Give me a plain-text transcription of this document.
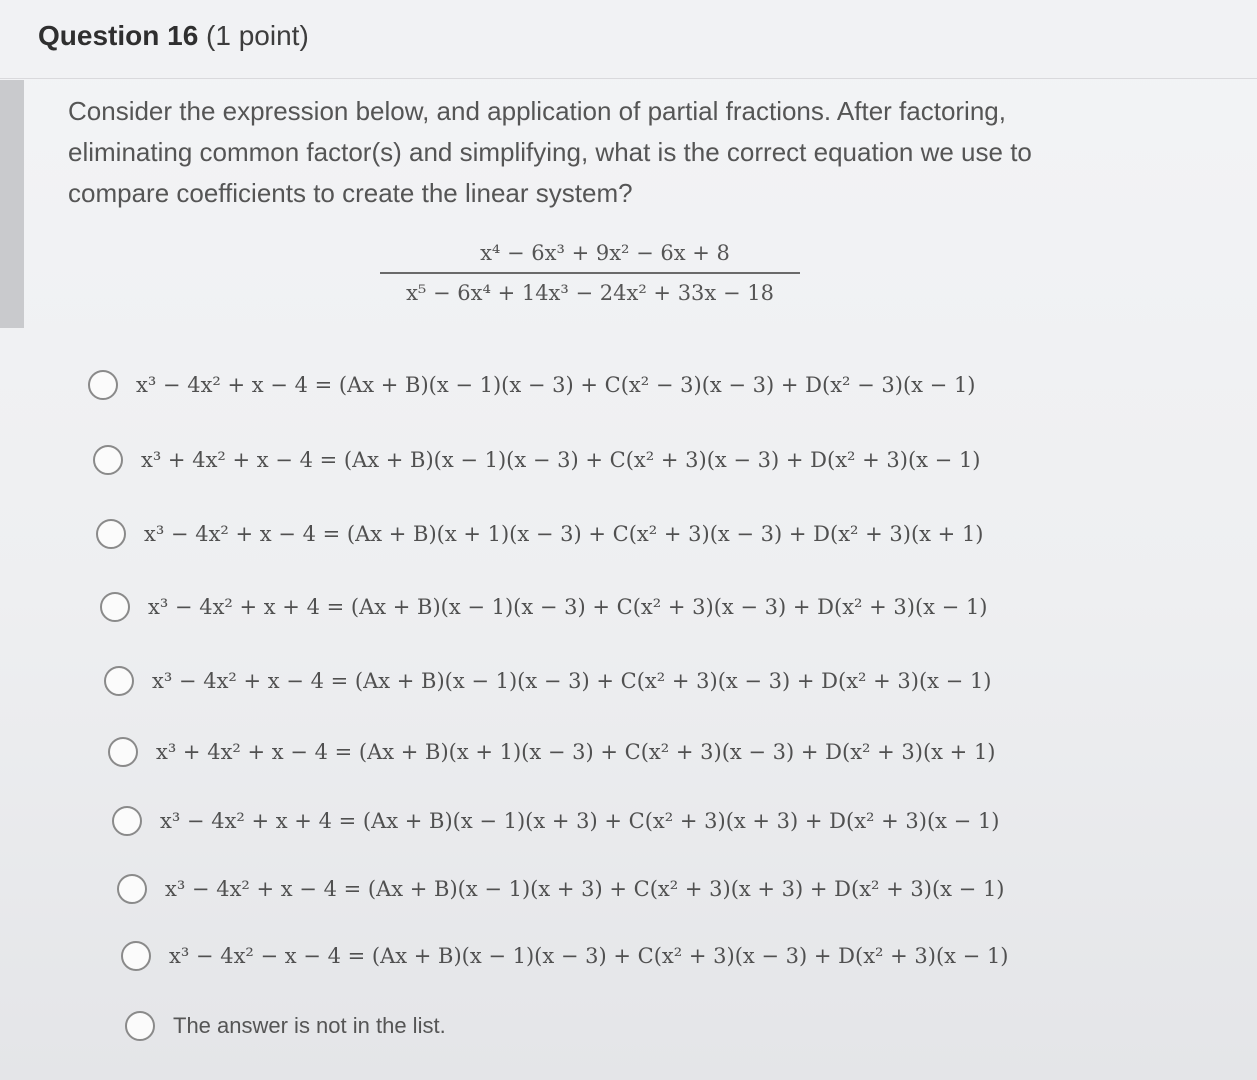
Question 16 (1 point)
Consider the expression below, and application of partial fractions. After factoring, eliminating common factor(s) and simplifying, what is the correct equation we use to compare coefficients to create the linear system?
x⁴ − 6x³ + 9x² − 6x + 8
x⁵ − 6x⁴ + 14x³ − 24x² + 33x − 18
x³ − 4x² + x − 4 = (Ax + B)(x − 1)(x − 3) + C(x² − 3)(x − 3) + D(x² − 3)(x − 1)
x³ + 4x² + x − 4 = (Ax + B)(x − 1)(x − 3) + C(x² + 3)(x − 3) + D(x² + 3)(x − 1)
x³ − 4x² + x − 4 = (Ax + B)(x + 1)(x − 3) + C(x² + 3)(x − 3) + D(x² + 3)(x + 1)
x³ − 4x² + x + 4 = (Ax + B)(x − 1)(x − 3) + C(x² + 3)(x − 3) + D(x² + 3)(x − 1)
x³ − 4x² + x − 4 = (Ax + B)(x − 1)(x − 3) + C(x² + 3)(x − 3) + D(x² + 3)(x − 1)
x³ + 4x² + x − 4 = (Ax + B)(x + 1)(x − 3) + C(x² + 3)(x − 3) + D(x² + 3)(x + 1)
x³ − 4x² + x + 4 = (Ax + B)(x − 1)(x + 3) + C(x² + 3)(x + 3) + D(x² + 3)(x − 1)
x³ − 4x² + x − 4 = (Ax + B)(x − 1)(x + 3) + C(x² + 3)(x + 3) + D(x² + 3)(x − 1)
x³ − 4x² − x − 4 = (Ax + B)(x − 1)(x − 3) + C(x² + 3)(x − 3) + D(x² + 3)(x − 1)
The answer is not in the list.
